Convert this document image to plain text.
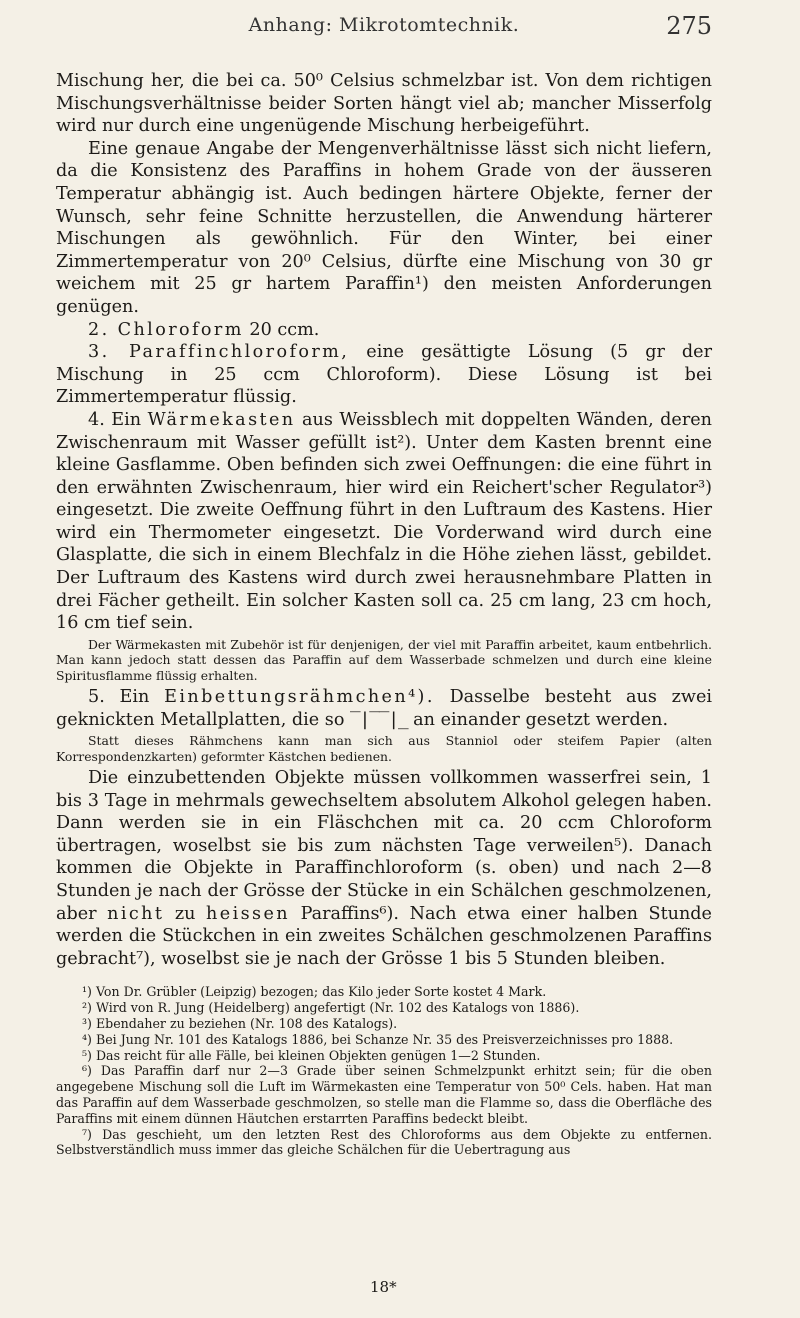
Anhang: Mikrotomtechnik.	275

Mischung her, die bei ca. 50⁰ Celsius schmelzbar ist. Von dem richtigen Mischungsverhältnisse beider Sorten hängt viel ab; mancher Misserfolg wird nur durch eine ungenügende Mischung herbeigeführt.

Eine genaue Angabe der Mengenverhältnisse lässt sich nicht liefern, da die Konsistenz des Paraffins in hohem Grade von der äusseren Temperatur abhängig ist. Auch bedingen härtere Objekte, ferner der Wunsch, sehr feine Schnitte herzustellen, die Anwendung härterer Mischungen als gewöhnlich. Für den Winter, bei einer Zimmertemperatur von 20⁰ Celsius, dürfte eine Mischung von 30 gr weichem mit 25 gr hartem Paraffin¹) den meisten Anforderungen genügen.

2. Chloroform 20 ccm.

3. Paraffinchloroform, eine gesättigte Lösung (5 gr der Mischung in 25 ccm Chloroform). Diese Lösung ist bei Zimmertemperatur flüssig.

4. Ein Wärmekasten aus Weissblech mit doppelten Wänden, deren Zwischenraum mit Wasser gefüllt ist²). Unter dem Kasten brennt eine kleine Gasflamme. Oben befinden sich zwei Oeffnungen: die eine führt in den erwähnten Zwischenraum, hier wird ein Reichert'scher Regulator³) eingesetzt. Die zweite Oeffnung führt in den Luftraum des Kastens. Hier wird ein Thermometer eingesetzt. Die Vorderwand wird durch eine Glasplatte, die sich in einem Blechfalz in die Höhe ziehen lässt, gebildet. Der Luftraum des Kastens wird durch zwei herausnehmbare Platten in drei Fächer getheilt. Ein solcher Kasten soll ca. 25 cm lang, 23 cm hoch, 16 cm tief sein.

Der Wärmekasten mit Zubehör ist für denjenigen, der viel mit Paraffin arbeitet, kaum entbehrlich. Man kann jedoch statt dessen das Paraffin auf dem Wasserbade schmelzen und durch eine kleine Spiritusflamme flüssig erhalten.

5. Ein Einbettungsrähmchen⁴). Dasselbe besteht aus zwei geknickten Metallplatten, die so ‾|‾‾|_ an einander gesetzt werden.

Statt dieses Rähmchens kann man sich aus Stanniol oder steifem Papier (alten Korrespondenzkarten) geformter Kästchen bedienen.

Die einzubettenden Objekte müssen vollkommen wasserfrei sein, 1 bis 3 Tage in mehrmals gewechseltem absolutem Alkohol gelegen haben. Dann werden sie in ein Fläschchen mit ca. 20 ccm Chloroform übertragen, woselbst sie bis zum nächsten Tage verweilen⁵). Danach kommen die Objekte in Paraffinchloroform (s. oben) und nach 2—8 Stunden je nach der Grösse der Stücke in ein Schälchen geschmolzenen, aber nicht zu heissen Paraffins⁶). Nach etwa einer halben Stunde werden die Stückchen in ein zweites Schälchen geschmolzenen Paraffins gebracht⁷), woselbst sie je nach der Grösse 1 bis 5 Stunden bleiben.

¹) Von Dr. Grübler (Leipzig) bezogen; das Kilo jeder Sorte kostet 4 Mark.

²) Wird von R. Jung (Heidelberg) angefertigt (Nr. 102 des Katalogs von 1886).

³) Ebendaher zu beziehen (Nr. 108 des Katalogs).

⁴) Bei Jung Nr. 101 des Katalogs 1886, bei Schanze Nr. 35 des Preisverzeichnisses pro 1888.

⁵) Das reicht für alle Fälle, bei kleinen Objekten genügen 1—2 Stunden.

⁶) Das Paraffin darf nur 2—3 Grade über seinen Schmelzpunkt erhitzt sein; für die oben angegebene Mischung soll die Luft im Wärmekasten eine Temperatur von 50⁰ Cels. haben. Hat man das Paraffin auf dem Wasserbade geschmolzen, so stelle man die Flamme so, dass die Oberfläche des Paraffins mit einem dünnen Häutchen erstarrten Paraffins bedeckt bleibt.

⁷) Das geschieht, um den letzten Rest des Chloroforms aus dem Objekte zu entfernen. Selbstverständlich muss immer das gleiche Schälchen für die Uebertragung aus

18*
